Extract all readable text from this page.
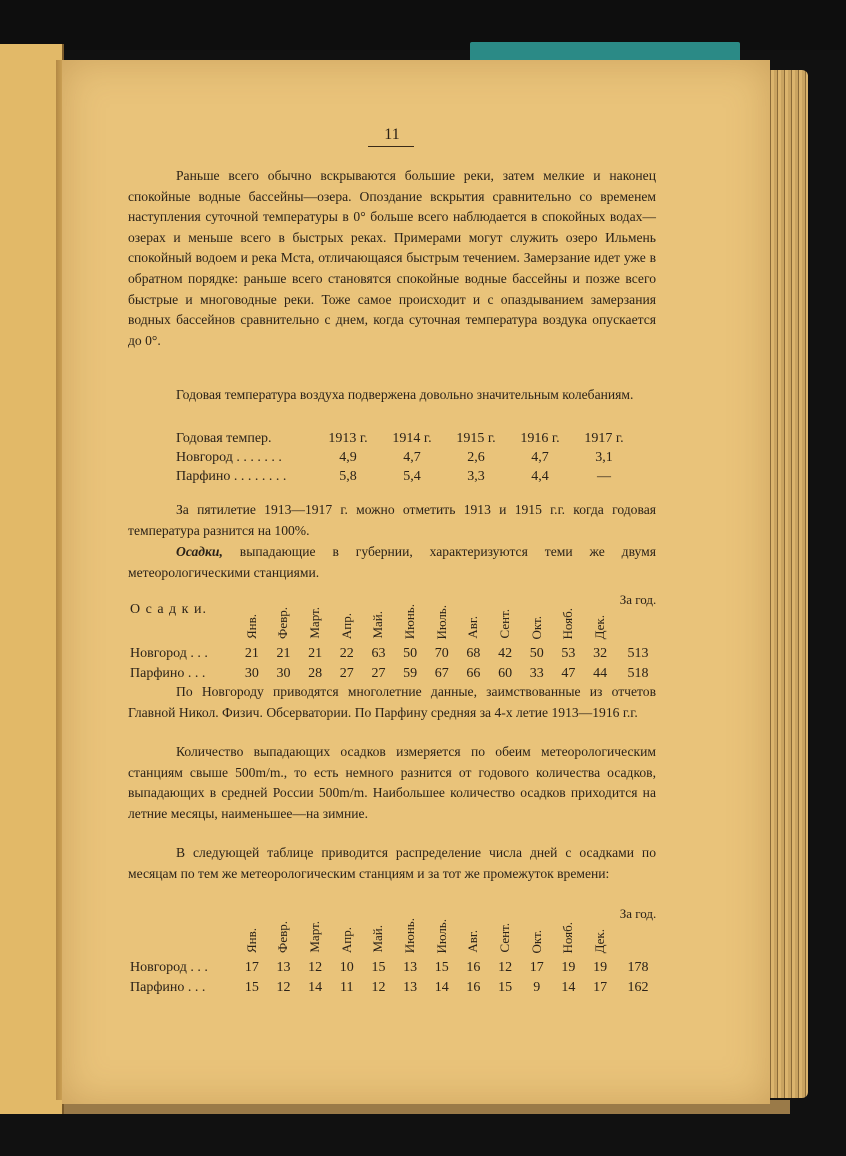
11

Раньше всего обычно вскрываются большие реки, затем мелкие и наконец спокойные водные бассейны—озера. Опоздание вскрытия сравнительно со временем наступления суточной температуры в 0° больше всего наблюдается в спокойных водах—озерах и меньше всего в быстрых реках. Примерами могут служить озеро Ильмень спокойный водоем и река Мста, отличающаяся быстрым течением. Замерзание идет уже в обратном порядке: раньше всего становятся спокойные водные бассейны и позже всего быстрые и многоводные реки. Тоже самое происходит и с опаздыванием замерзания водных бассейнов сравнительно с днем, когда суточная температура воздука опускается до 0°.

Годовая температура воздуха подвержена довольно значительным колебаниям.

Годовая темпер.	1913 г.	1914 г.	1915 г.	1916 г.	1917 г.
Новгород . . . . . . .	4,9	4,7	2,6	4,7	3,1
Парфино . . . . . . . .	5,8	5,4	3,3	4,4	—

За пятилетие 1913—1917 г. можно отметить 1913 и 1915 г.г. когда годовая температура разнится на 100%.

Осадки, выпадающие в губернии, характеризуются теми же двумя метеорологическими станциями.

О с а д к и.	Янв.	Февр.	Март.	Апр.	Май.	Июнь.	Июль.	Авг.	Сент.	Окт.	Нояб.	Дек.	За год.
Новгород . . .	21	21	21	22	63	50	70	68	42	50	53	32	513
Парфино . . .	30	30	28	27	27	59	67	66	60	33	47	44	518

По Новгороду приводятся многолетние данные, заимствованные из отчетов Главной Никол. Физич. Обсерватории. По Парфину средняя за 4-х летие 1913—1916 г.г.

Количество выпадающих осадков измеряется по обеим метеорологическим станциям свыше 500m/m., то есть немного разнится от годового количества осадков, выпадающих в средней России 500m/m. Наибольшее количество осадков приходится на летние месяцы, наименьшее—на зимние.

В следующей таблице приводится распределение числа дней с осадками по месяцам по тем же метеорологическим станциям и за тот же промежуток времени:

	Янв.	Февр.	Март.	Апр.	Май.	Июнь.	Июль.	Авг.	Сент.	Окт.	Нояб.	Дек.	За год.
Новгород . . .	17	13	12	10	15	13	15	16	12	17	19	19	178
Парфино . . .	15	12	14	11	12	13	14	16	15	9	14	17	162
